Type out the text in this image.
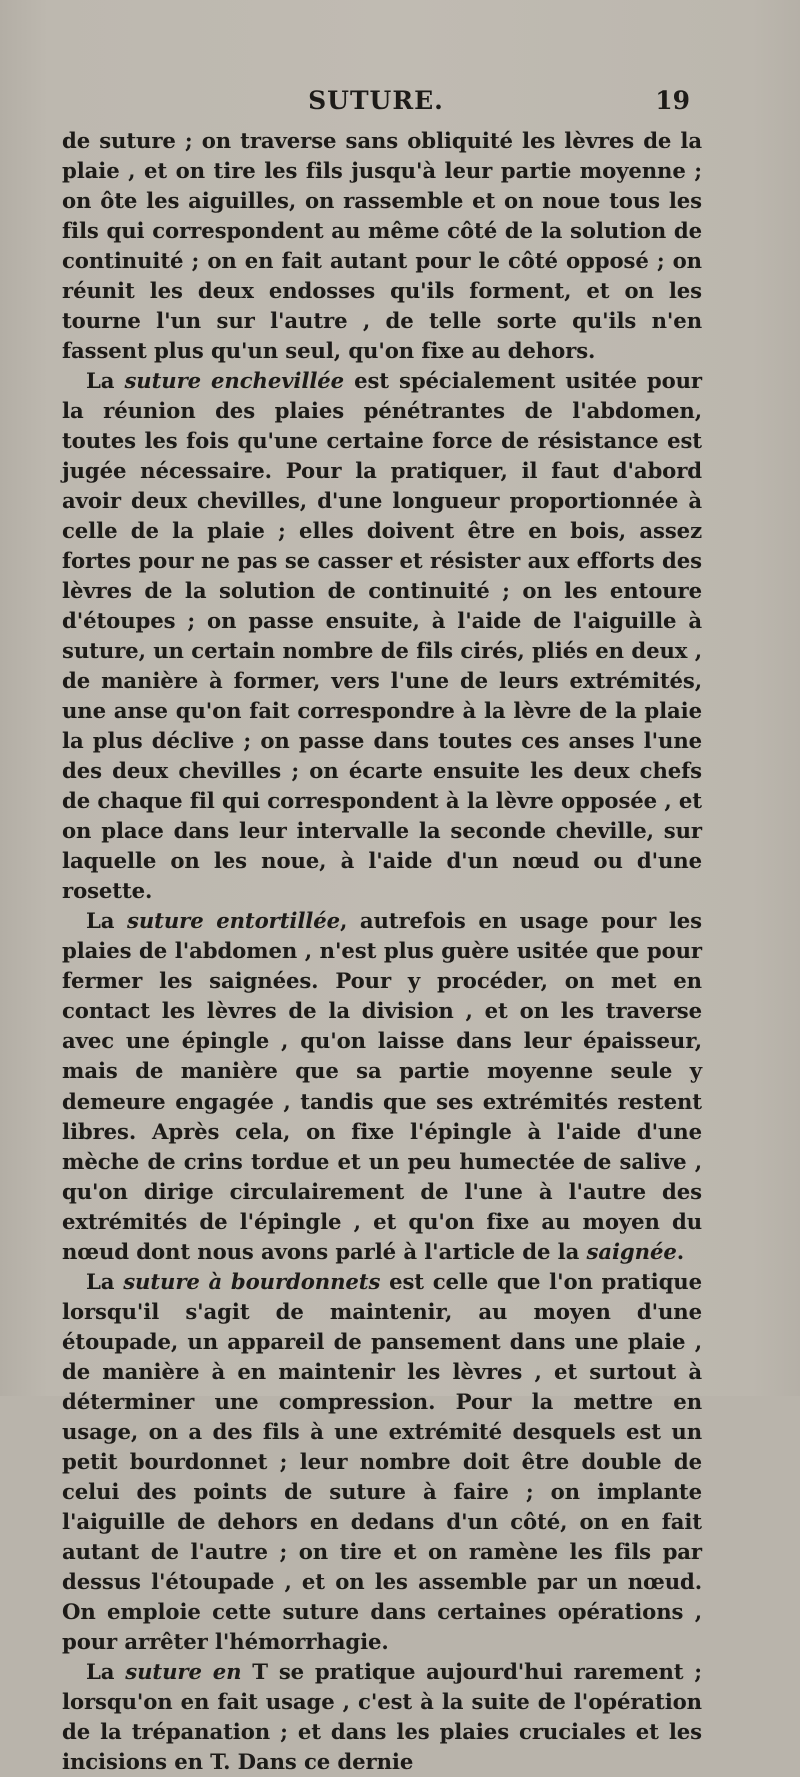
SUTURE.	19

de suture ; on traverse sans obliquité les lèvres de la plaie , et on tire les fils jusqu'à leur partie moyenne ; on ôte les aiguilles, on rassemble et on noue tous les fils qui correspondent au même côté de la solution de continuité ; on en fait autant pour le côté opposé ; on réunit les deux endosses qu'ils forment, et on les tourne l'un sur l'autre , de telle sorte qu'ils n'en fassent plus qu'un seul, qu'on fixe au dehors.

La suture enchevillée est spécialement usitée pour la réunion des plaies pénétrantes de l'abdomen, toutes les fois qu'une certaine force de résistance est jugée nécessaire. Pour la pratiquer, il faut d'abord avoir deux chevilles, d'une longueur proportionnée à celle de la plaie ; elles doivent être en bois, assez fortes pour ne pas se casser et résister aux efforts des lèvres de la solution de continuité ; on les entoure d'étoupes ; on passe ensuite, à l'aide de l'aiguille à suture, un certain nombre de fils cirés, pliés en deux , de manière à former, vers l'une de leurs extrémités, une anse qu'on fait correspondre à la lèvre de la plaie la plus déclive ; on passe dans toutes ces anses l'une des deux chevilles ; on écarte ensuite les deux chefs de chaque fil qui correspondent à la lèvre opposée , et on place dans leur intervalle la seconde cheville, sur laquelle on les noue, à l'aide d'un nœud ou d'une rosette.

La suture entortillée, autrefois en usage pour les plaies de l'abdomen , n'est plus guère usitée que pour fermer les saignées. Pour y procéder, on met en contact les lèvres de la division , et on les traverse avec une épingle , qu'on laisse dans leur épaisseur, mais de manière que sa partie moyenne seule y demeure engagée , tandis que ses extrémités restent libres. Après cela, on fixe l'épingle à l'aide d'une mèche de crins tordue et un peu humectée de salive , qu'on dirige circulairement de l'une à l'autre des extrémités de l'épingle , et qu'on fixe au moyen du nœud dont nous avons parlé à l'article de la saignée.

La suture à bourdonnets est celle que l'on pratique lorsqu'il s'agit de maintenir, au moyen d'une étoupade, un appareil de pansement dans une plaie , de manière à en maintenir les lèvres , et surtout à déterminer une compression. Pour la mettre en usage, on a des fils à une extrémité desquels est un petit bourdonnet ; leur nombre doit être double de celui des points de suture à faire ; on implante l'aiguille de dehors en dedans d'un côté, on en fait autant de l'autre ; on tire et on ramène les fils par dessus l'étoupade , et on les assemble par un nœud. On emploie cette suture dans certaines opérations , pour arrêter l'hémorrhagie.

La suture en T se pratique aujourd'hui rarement ; lorsqu'on en fait usage , c'est à la suite de l'opération de la trépanation ; et dans les plaies cruciales et les incisions en T. Dans ce dernie
